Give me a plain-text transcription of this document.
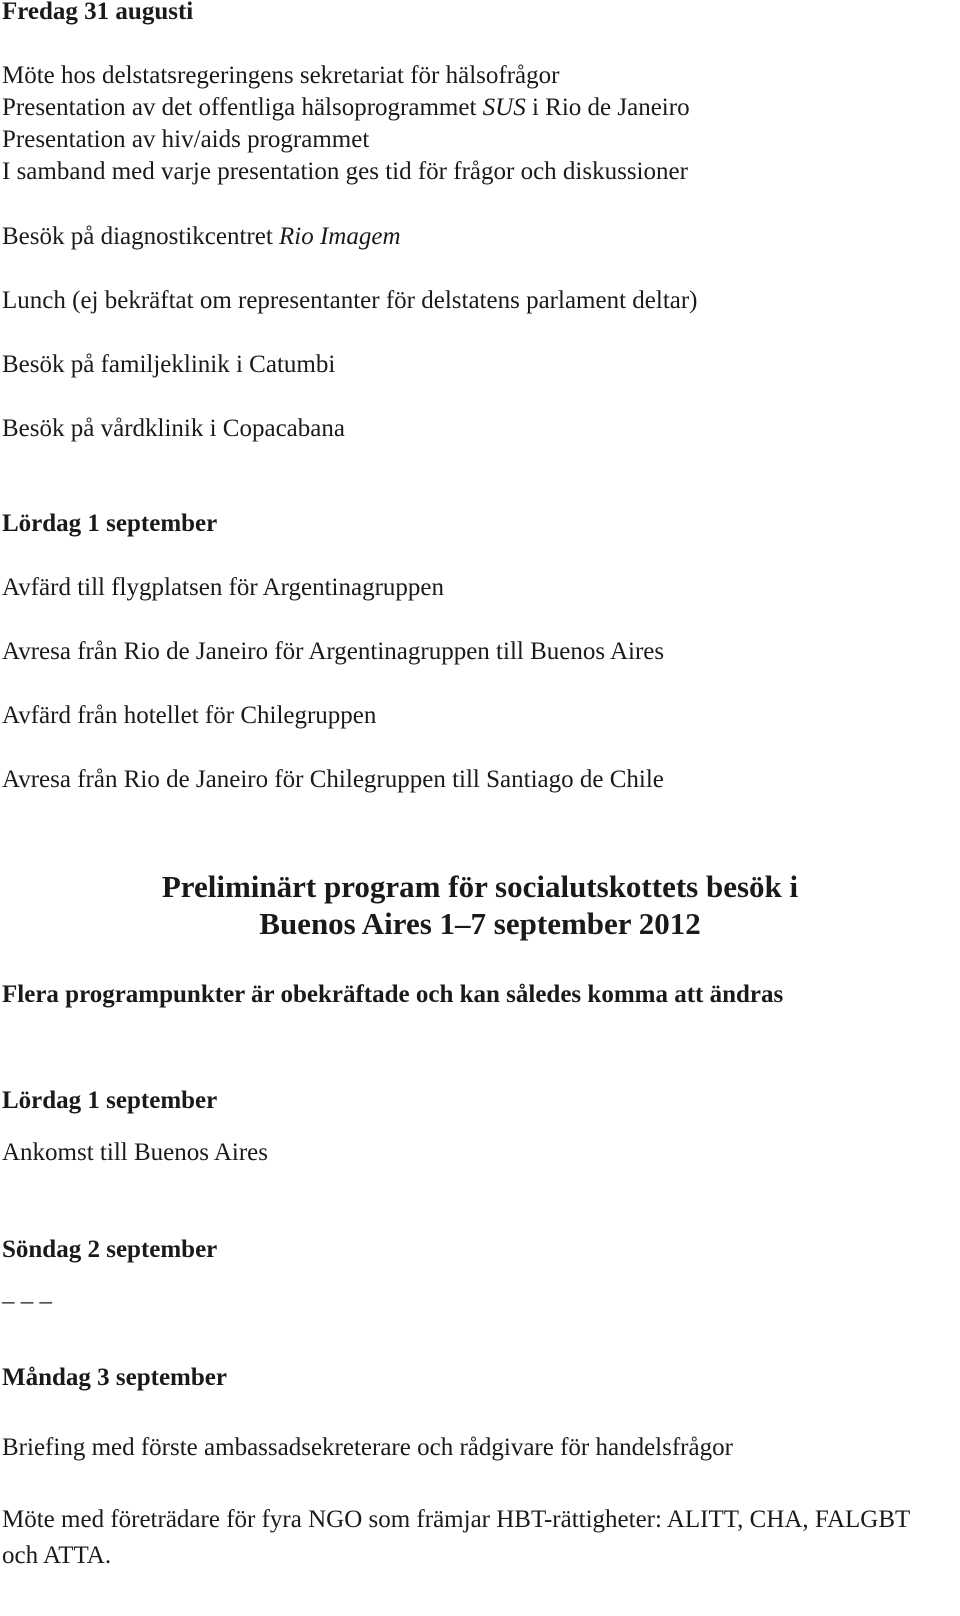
Fredag 31 augusti

Möte hos delstatsregeringens sekretariat för hälsofrågor

Presentation av det offentliga hälsoprogrammet SUS i Rio de Janeiro

Presentation av hiv/aids programmet

I samband med varje presentation ges tid för frågor och diskussioner

Besök på diagnostikcentret Rio Imagem

Lunch (ej bekräftat om representanter för delstatens parlament deltar)

Besök på familjeklinik i Catumbi

Besök på vårdklinik i Copacabana

Lördag 1 september

Avfärd till flygplatsen för Argentinagruppen

Avresa från Rio de Janeiro för Argentinagruppen till Buenos Aires

Avfärd från hotellet för Chilegruppen

Avresa från Rio de Janeiro för Chilegruppen till Santiago de Chile

Preliminärt program för socialutskottets besök i

Buenos Aires 1–7 september 2012

Flera programpunkter är obekräftade och kan således komma att ändras

Lördag 1 september

Ankomst till Buenos Aires

Söndag 2 september

– – –

Måndag 3 september

Briefing med förste ambassadsekreterare och rådgivare för handelsfrågor

Möte med företrädare för fyra NGO som främjar HBT-rättigheter: ALITT, CHA, FALGBT och ATTA.
